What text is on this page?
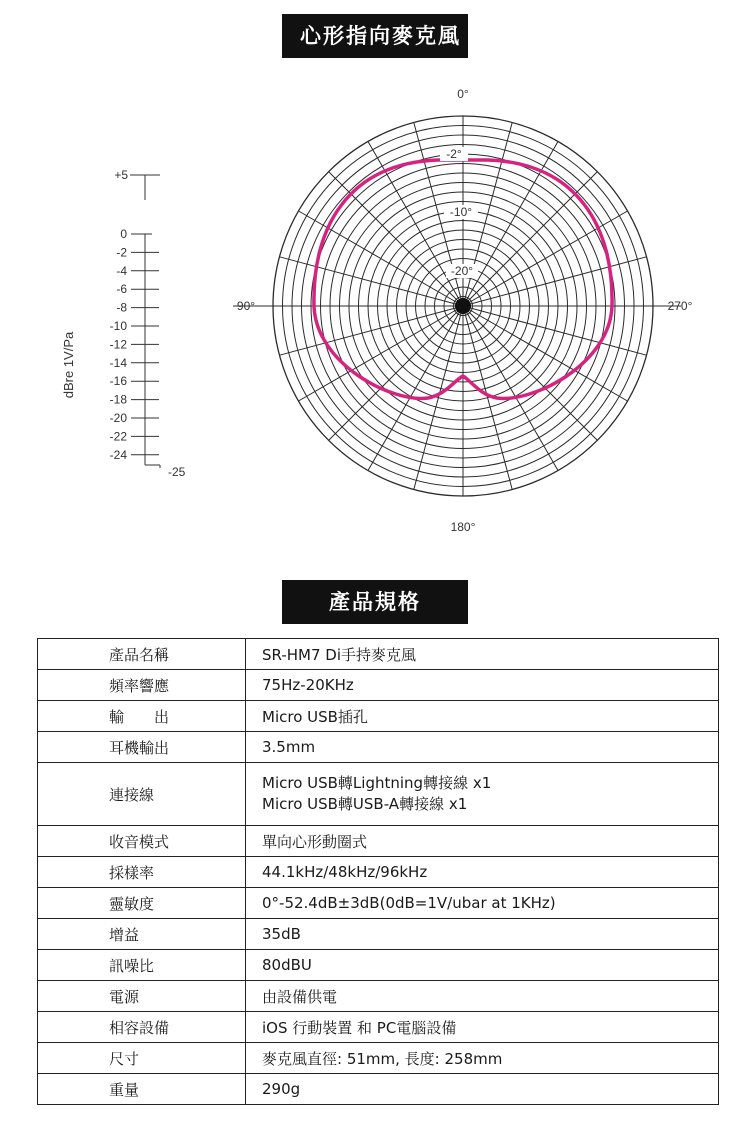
心形指向麥克風
dBre 1V/Pa
+5
0
-2
-4
-6
-8
-10
-12
-14
-16
-18
-20
-22
-24
-25
0°
90°	270°
180°
-2°
-10°
-20°
產品規格
產品名稱	SR-HM7 Di手持麥克風
頻率響應	75Hz-20KHz
輸　　出	Micro USB插孔
耳機輸出	3.5mm
連接線	Micro USB轉Lightning轉接線 x1
Micro USB轉USB-A轉接線 x1

收音模式	單向心形動圈式
採樣率	44.1kHz/48kHz/96kHz
靈敏度	0°-52.4dB±3dB(0dB=1V/ubar at 1KHz)
增益	35dB
訊噪比	80dBU
電源	由設備供電
相容設備	iOS 行動裝置 和 PC電腦設備
尺寸	麥克風直徑: 51mm, 長度: 258mm
重量	290g
